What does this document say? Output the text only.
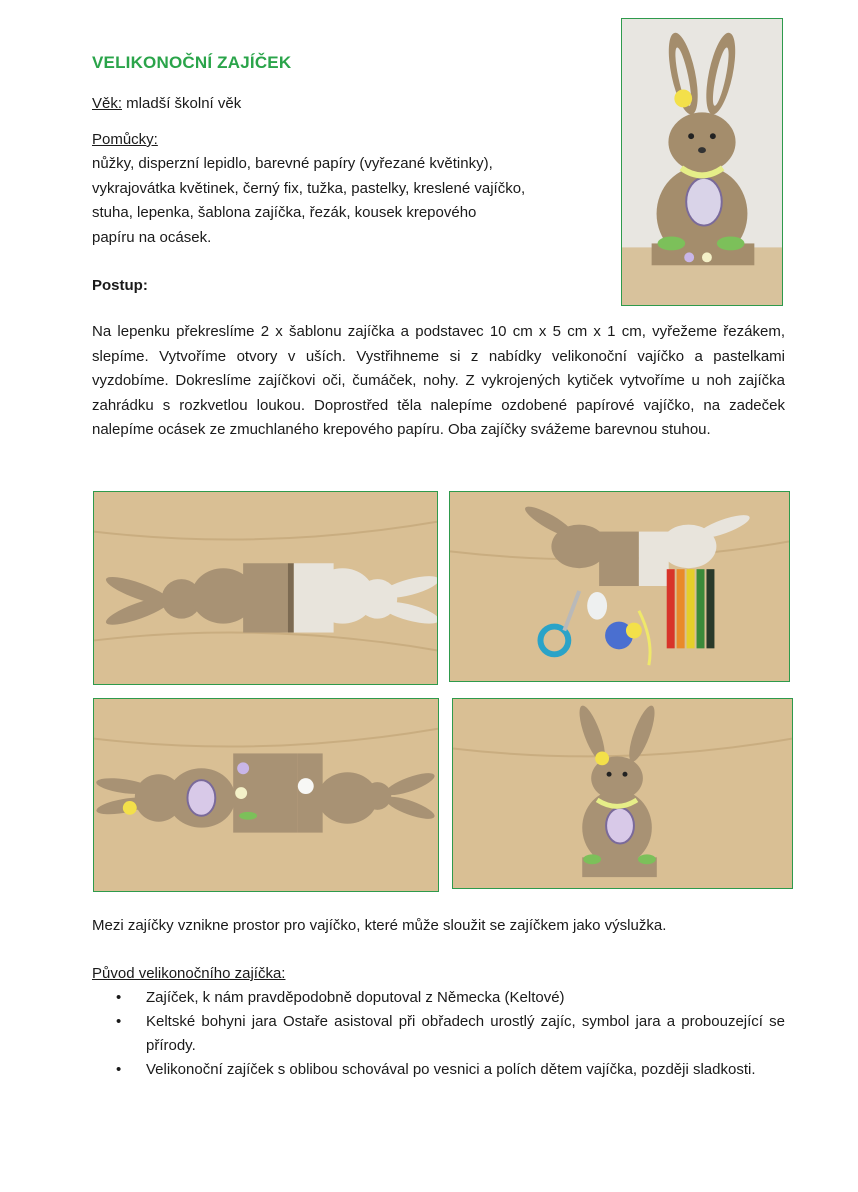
VELIKONOČNÍ ZAJÍČEK
Věk: mladší školní věk
Pomůcky:
nůžky, disperzní lepidlo, barevné papíry (vyřezané květinky),
vykrajovátka květinek, černý fix, tužka, pastelky, kreslené vajíčko,
stuha, lepenka, šablona zajíčka, řezák, kousek krepového
papíru na ocásek.
Postup:
Na lepenku překreslíme 2 x šablonu zajíčka a podstavec 10 cm x 5 cm x 1 cm, vyřežeme řezákem, slepíme. Vytvoříme otvory v uších. Vystřihneme si z nabídky velikonoční vajíčko a pastelkami vyzdobíme. Dokreslíme zajíčkovi oči, čumáček, nohy. Z vykrojených kytiček vytvoříme u noh zajíčka zahrádku s rozkvetlou loukou. Doprostřed těla nalepíme ozdobené papírové vajíčko, na zadeček nalepíme ocásek ze zmuchlaného krepového papíru. Oba zajíčky svážeme barevnou stuhou.
Mezi zajíčky vznikne prostor pro vajíčko, které může sloužit se zajíčkem jako výslužka.
Původ velikonočního zajíčka:
• Zajíček, k nám pravděpodobně doputoval z Německa (Keltové)
• Keltské bohyni jara Ostaře asistoval při obřadech urostlý zajíc, symbol jara a probouzející se přírody.
• Velikonoční zajíček s oblibou schovával po vesnici a polích dětem vajíčka, později sladkosti.
